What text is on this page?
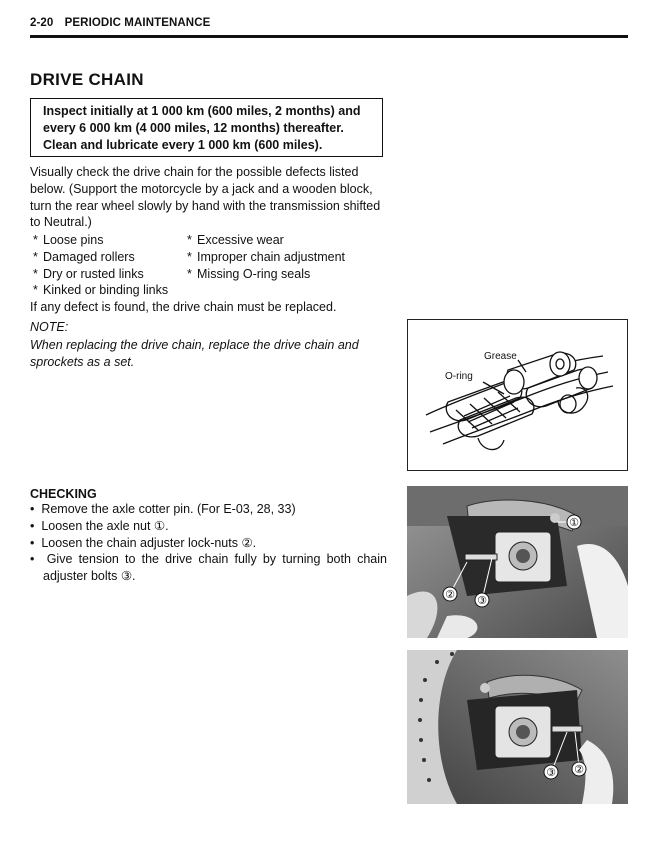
2-20 PERIODIC MAINTENANCE
DRIVE CHAIN
Inspect initially at 1 000 km (600 miles, 2 months) and
every 6 000 km (4 000 miles, 12 months) thereafter.
Clean and lubricate every 1 000 km (600 miles).
Visually check the drive chain for the possible defects listed
below. (Support the motorcycle by a jack and a wooden block,
turn the rear wheel slowly by hand with the transmission shifted
to Neutral.)
* Loose pins
* Damaged rollers
* Dry or rusted links
* Kinked or binding links
* Excessive wear
* Improper chain adjustment
* Missing O-ring seals
If any defect is found, the drive chain must be replaced.
NOTE:
When replacing the drive chain, replace the drive chain and
sprockets as a set.	Grease
O-ring
CHECKING
•  Remove the axle cotter pin. (For E-03, 28, 33)
•  Loosen the axle nut ①.
•  Loosen the chain adjuster lock-nuts ②.
•  Give tension to the drive chain fully by turning both chain adjuster bolts ③.
①
② ③
③ ②
